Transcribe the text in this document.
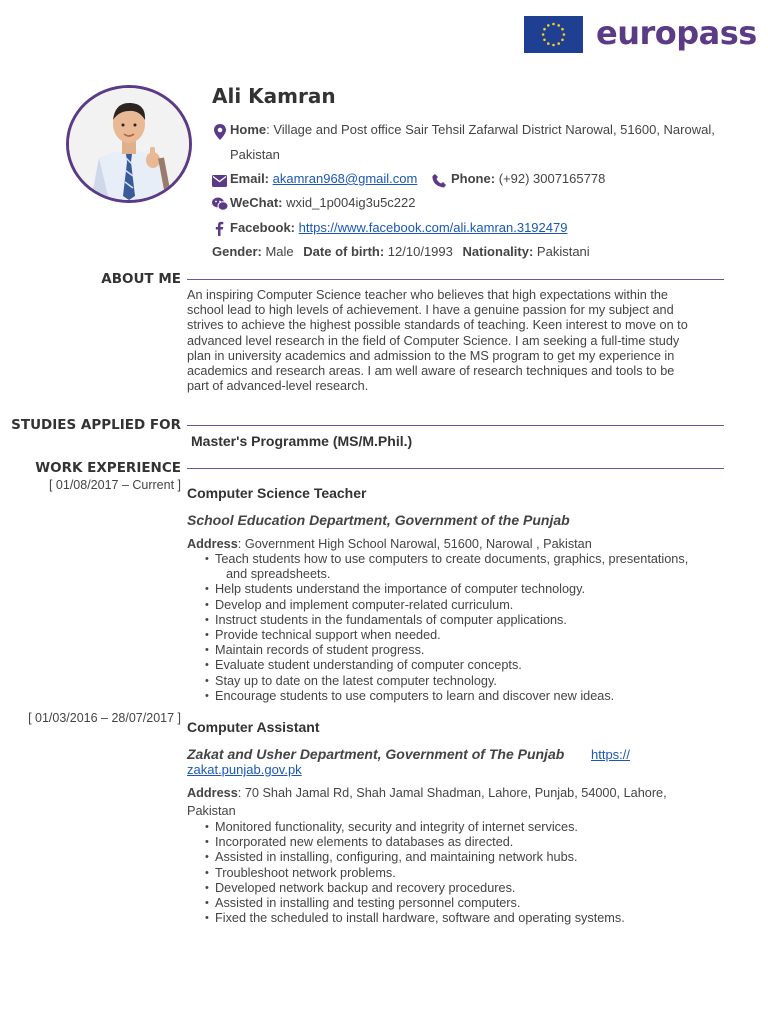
europass
Ali Kamran
Home: Village and Post office Sair Tehsil Zafarwal District Narowal, 51600, Narowal,
Pakistan
Email: akamran968@gmail.com	Phone: (+92) 3007165778
WeChat: wxid_1p004ig3u5c222
Facebook: https://www.facebook.com/ali.kamran.3192479
Gender: Male Date of birth: 12/10/1993 Nationality: Pakistani
ABOUT ME
An inspiring Computer Science teacher who believes that high expectations within the
school lead to high levels of achievement. I have a genuine passion for my subject and
strives to achieve the highest possible standards of teaching. Keen interest to move on to
advanced level research in the field of Computer Science. I am seeking a full-time study
plan in university academics and admission to the MS program to get my experience in
academics and research areas. I am well aware of research techniques and tools to be
part of advanced-level research.
STUDIES APPLIED FOR
Master's Programme (MS/M.Phil.)
WORK EXPERIENCE
[ 01/08/2017 – Current ] Computer Science Teacher
School Education Department, Government of the Punjab
Address: Government High School Narowal, 51600, Narowal , Pakistan
• Teach students how to use computers to create documents, graphics, presentations,
and spreadsheets.
• Help students understand the importance of computer technology.
• Develop and implement computer-related curriculum.
• Instruct students in the fundamentals of computer applications.
• Provide technical support when needed.
• Maintain records of student progress.
• Evaluate student understanding of computer concepts.
• Stay up to date on the latest computer technology.
• Encourage students to use computers to learn and discover new ideas.
[ 01/03/2016 – 28/07/2017 ]
Computer Assistant
Zakat and Usher Department, Government of The Punjab https://
zakat.punjab.gov.pk
Address: 70 Shah Jamal Rd, Shah Jamal Shadman, Lahore, Punjab, 54000, Lahore,
Pakistan
• Monitored functionality, security and integrity of internet services.
• Incorporated new elements to databases as directed.
• Assisted in installing, configuring, and maintaining network hubs.
• Troubleshoot network problems.
• Developed network backup and recovery procedures.
• Assisted in installing and testing personnel computers.
• Fixed the scheduled to install hardware, software and operating systems.
